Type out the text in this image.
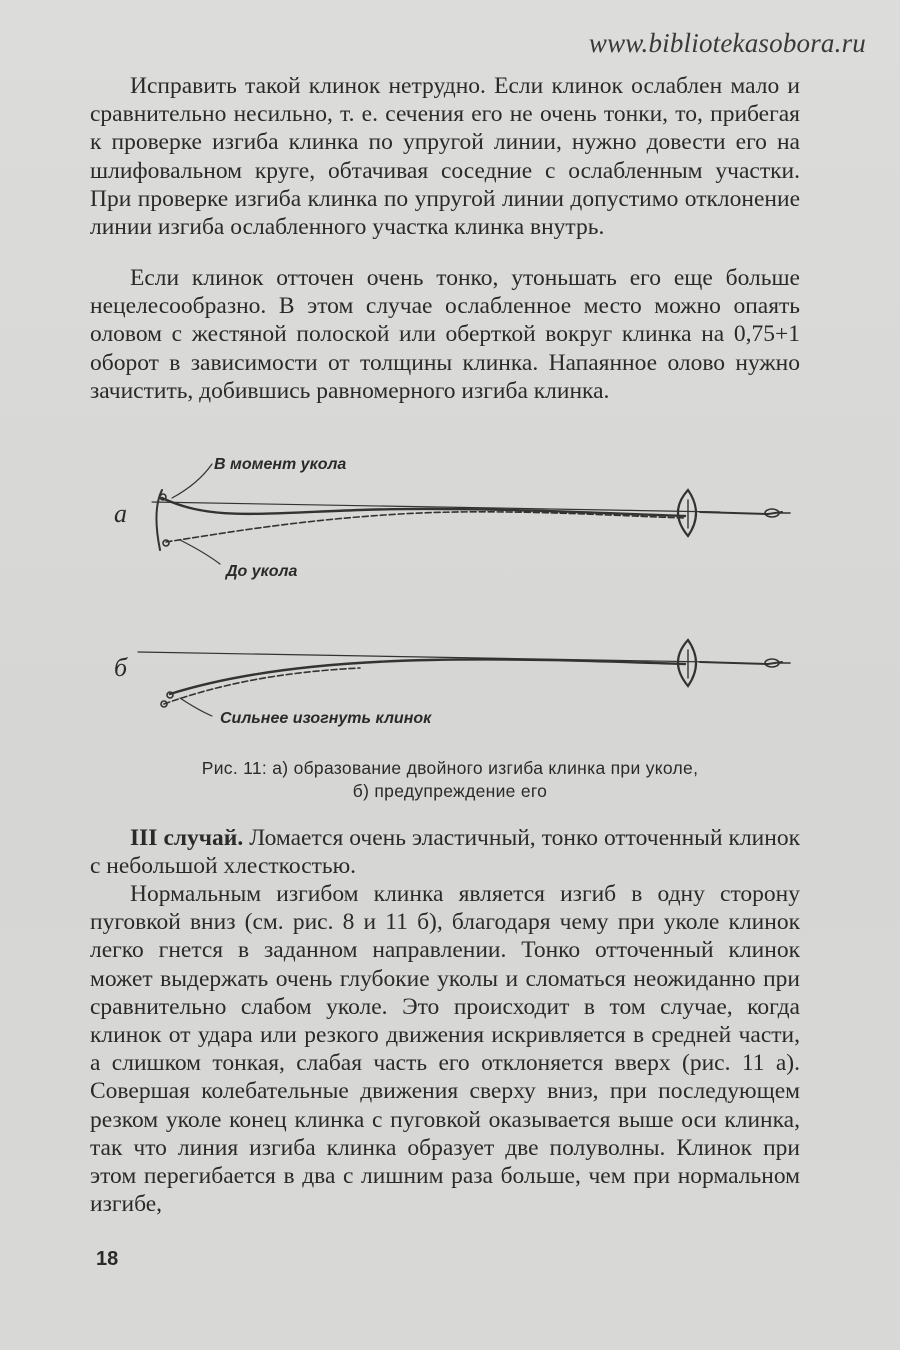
www.bibliotekasobora.ru

Исправить такой клинок нетрудно. Если клинок ослаблен мало и сравнительно несильно, т. е. сечения его не очень тонки, то, прибегая к проверке изгиба клинка по упругой линии, нужно довести его на шлифовальном круге, обтачивая соседние с ослабленным участки. При проверке изгиба клинка по упругой линии допустимо отклонение линии изгиба ослабленного участка клинка внутрь.

Если клинок отточен очень тонко, утоньшать его еще больше нецелесообразно. В этом случае ослабленное место можно опаять оловом с жестяной полоской или оберткой вокруг клинка на 0,75+1 оборот в зависимости от толщины клинка. Напаянное олово нужно зачистить, добившись равномерного изгиба клинка.

а
б
В момент укола
До укола
Сильнее изогнуть клинок
Рис. 11: а) образование двойного изгиба клинка при уколе,
б) предупреждение его

III случай. Ломается очень эластичный, тонко отточенный клинок с небольшой хлесткостью.

Нормальным изгибом клинка является изгиб в одну сторону пуговкой вниз (см. рис. 8 и 11 б), благодаря чему при уколе клинок легко гнется в заданном направлении. Тонко отточенный клинок может выдержать очень глубокие уколы и сломаться неожиданно при сравнительно слабом уколе. Это происходит в том случае, когда клинок от удара или резкого движения искривляется в средней части, а слишком тонкая, слабая часть его отклоняется вверх (рис. 11 а). Совершая колебательные движения сверху вниз, при последующем резком уколе конец клинка с пуговкой оказывается выше оси клинка, так что линия изгиба клинка образует две полуволны. Клинок при этом перегибается в два с лишним раза больше, чем при нормальном изгибе,

18
